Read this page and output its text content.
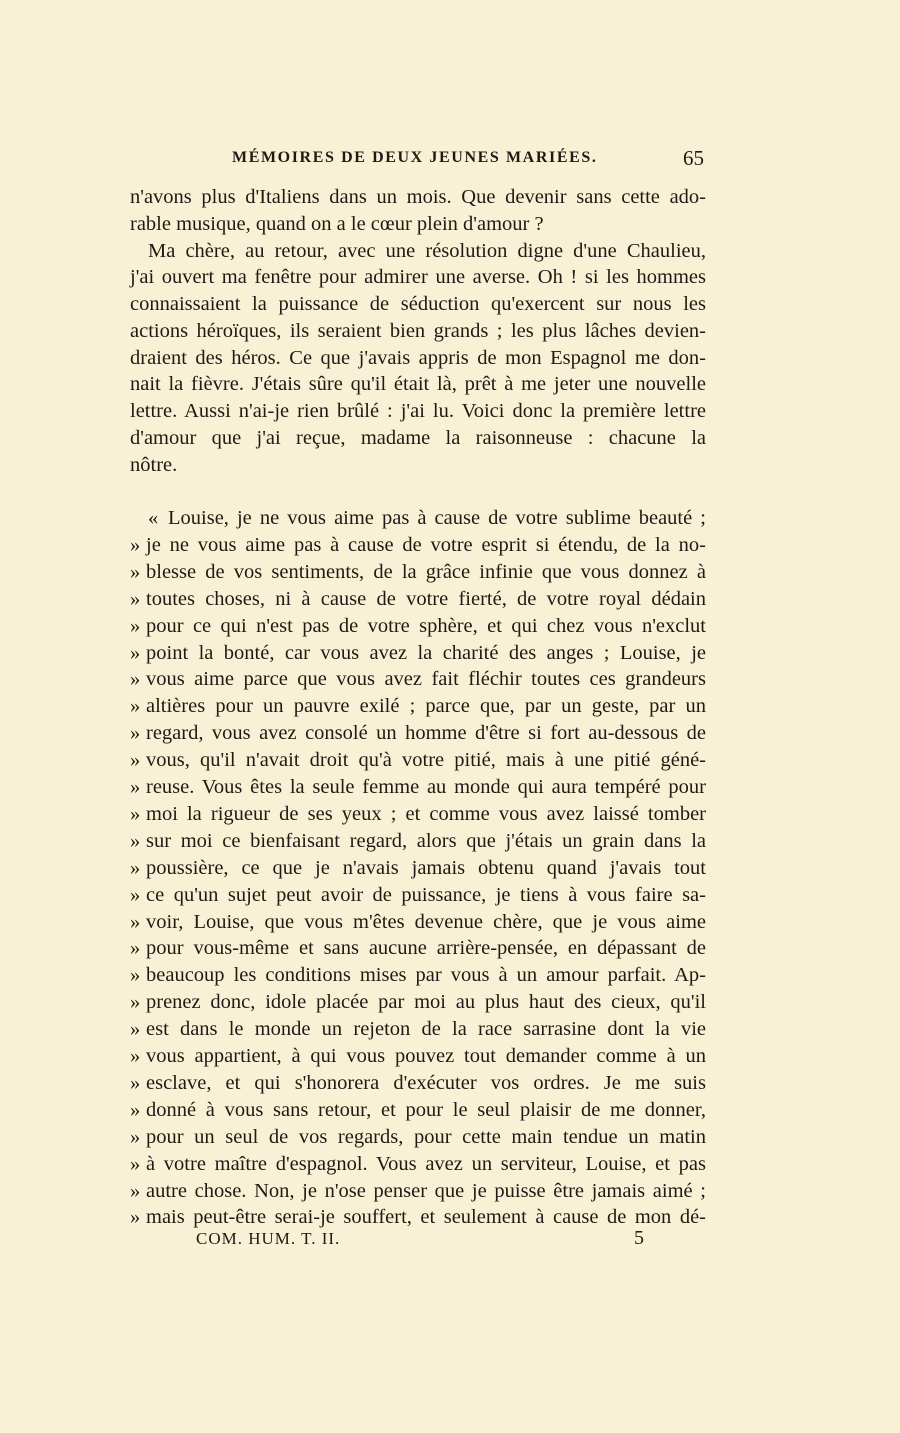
MÉMOIRES DE DEUX JEUNES MARIÉES.	65
n'avons plus d'Italiens dans un mois. Que devenir sans cette ado-
rable musique, quand on a le cœur plein d'amour ?
Ma chère, au retour, avec une résolution digne d'une Chaulieu,
j'ai ouvert ma fenêtre pour admirer une averse. Oh ! si les hommes
connaissaient la puissance de séduction qu'exercent sur nous les
actions héroïques, ils seraient bien grands ; les plus lâches devien-
draient des héros. Ce que j'avais appris de mon Espagnol me don-
nait la fièvre. J'étais sûre qu'il était là, prêt à me jeter une nouvelle
lettre. Aussi n'ai-je rien brûlé : j'ai lu. Voici donc la première lettre
d'amour que j'ai reçue, madame la raisonneuse : chacune la
nôtre.
« Louise, je ne vous aime pas à cause de votre sublime beauté ;
» je ne vous aime pas à cause de votre esprit si étendu, de la no-
» blesse de vos sentiments, de la grâce infinie que vous donnez à
» toutes choses, ni à cause de votre fierté, de votre royal dédain
» pour ce qui n'est pas de votre sphère, et qui chez vous n'exclut
» point la bonté, car vous avez la charité des anges ; Louise, je
» vous aime parce que vous avez fait fléchir toutes ces grandeurs
» altières pour un pauvre exilé ; parce que, par un geste, par un
» regard, vous avez consolé un homme d'être si fort au-dessous de
» vous, qu'il n'avait droit qu'à votre pitié, mais à une pitié géné-
» reuse. Vous êtes la seule femme au monde qui aura tempéré pour
» moi la rigueur de ses yeux ; et comme vous avez laissé tomber
» sur moi ce bienfaisant regard, alors que j'étais un grain dans la
» poussière, ce que je n'avais jamais obtenu quand j'avais tout
» ce qu'un sujet peut avoir de puissance, je tiens à vous faire sa-
» voir, Louise, que vous m'êtes devenue chère, que je vous aime
» pour vous-même et sans aucune arrière-pensée, en dépassant de
» beaucoup les conditions mises par vous à un amour parfait. Ap-
» prenez donc, idole placée par moi au plus haut des cieux, qu'il
» est dans le monde un rejeton de la race sarrasine dont la vie
» vous appartient, à qui vous pouvez tout demander comme à un
» esclave, et qui s'honorera d'exécuter vos ordres. Je me suis
» donné à vous sans retour, et pour le seul plaisir de me donner,
» pour un seul de vos regards, pour cette main tendue un matin
» à votre maître d'espagnol. Vous avez un serviteur, Louise, et pas
» autre chose. Non, je n'ose penser que je puisse être jamais aimé ;
» mais peut-être serai-je souffert, et seulement à cause de mon dé-
COM. HUM. T. II.	5
